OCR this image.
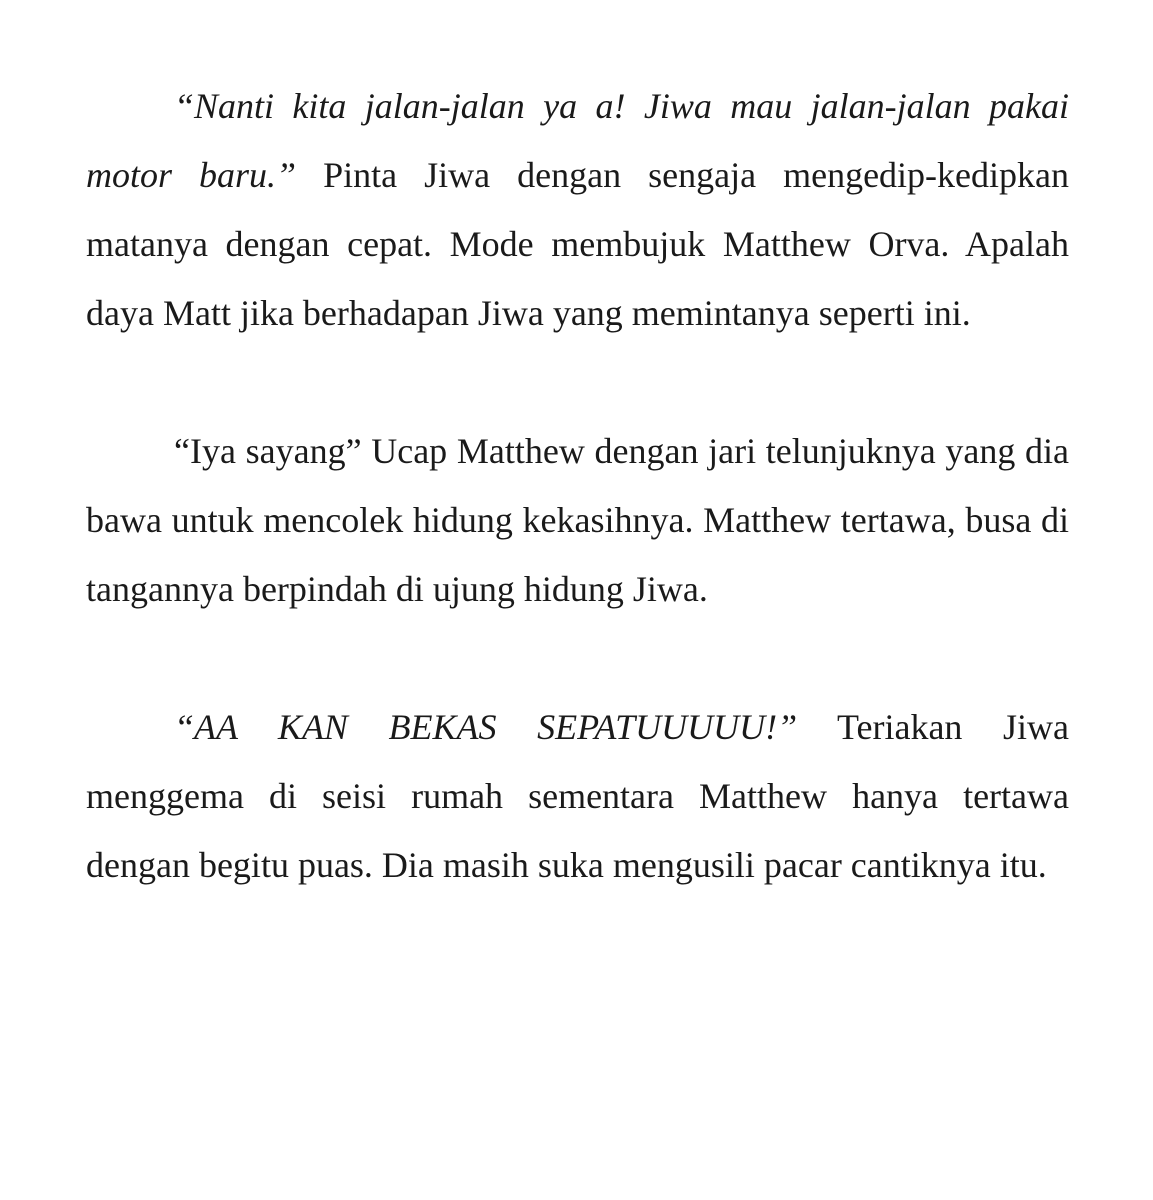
“Nanti kita jalan-jalan ya a! Jiwa mau jalan-jalan pakai motor baru.” Pinta Jiwa dengan sengaja mengedip-kedipkan matanya dengan cepat. Mode membujuk Matthew Orva. Apalah daya Matt jika berhadapan Jiwa yang memintanya seperti ini.

“Iya sayang” Ucap Matthew dengan jari telunjuknya yang dia bawa untuk mencolek hidung kekasihnya. Matthew tertawa, busa di tangannya berpindah di ujung hidung Jiwa.

“AA KAN BEKAS SEPATUUUUU!” Teriakan Jiwa menggema di seisi rumah sementara Matthew hanya tertawa dengan begitu puas. Dia masih suka mengusili pacar cantiknya itu.
